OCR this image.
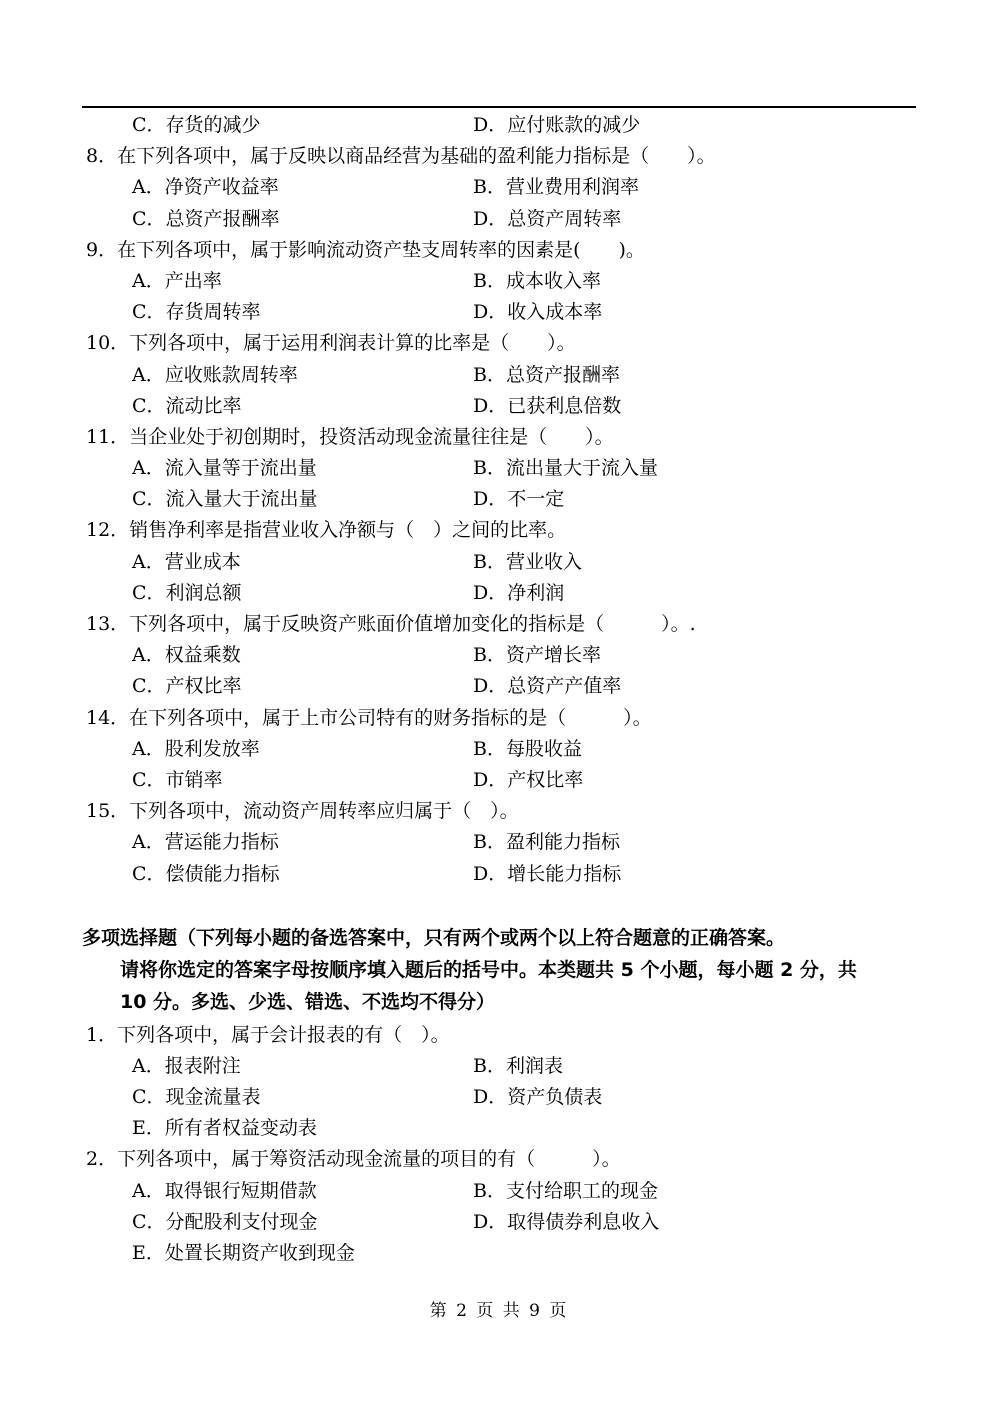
C．存货的减少	D．应付账款的减少
8．在下列各项中，属于反映以商品经营为基础的盈利能力指标是（　　）。
A．净资产收益率	B．营业费用利润率
C．总资产报酬率	D．总资产周转率
9．在下列各项中，属于影响流动资产垫支周转率的因素是(　　)。
A．产出率	B．成本收入率
C．存货周转率	D．收入成本率
10．下列各项中，属于运用利润表计算的比率是（　　）。
A．应收账款周转率	B．总资产报酬率
C．流动比率	D．已获利息倍数
11．当企业处于初创期时，投资活动现金流量往往是（　　）。
A．流入量等于流出量	B．流出量大于流入量
C．流入量大于流出量	D．不一定
12．销售净利率是指营业收入净额与（　）之间的比率。
A．营业成本	B．营业收入
C．利润总额	D．净利润
13．下列各项中，属于反映资产账面价值增加变化的指标是（　　　）。.
A．权益乘数	B．资产增长率
C．产权比率	D．总资产产值率
14．在下列各项中，属于上市公司特有的财务指标的是（　　　）。
A．股利发放率	B．每股收益
C．市销率	D．产权比率
15．下列各项中，流动资产周转率应归属于（　）。
A．营运能力指标	B．盈利能力指标
C．偿债能力指标	D．增长能力指标
多项选择题（下列每小题的备选答案中，只有两个或两个以上符合题意的正确答案。
请将你选定的答案字母按顺序填入题后的括号中。本类题共 5 个小题，每小题 2 分，共
10 分。多选、少选、错选、不选均不得分）
1．下列各项中，属于会计报表的有（　）。
A．报表附注	B．利润表
C．现金流量表	D．资产负债表
E．所有者权益变动表
2．下列各项中，属于筹资活动现金流量的项目的有（　　　）。
A．取得银行短期借款	B．支付给职工的现金
C．分配股利支付现金	D．取得债券利息收入
E．处置长期资产收到现金
第 2 页 共 9 页
